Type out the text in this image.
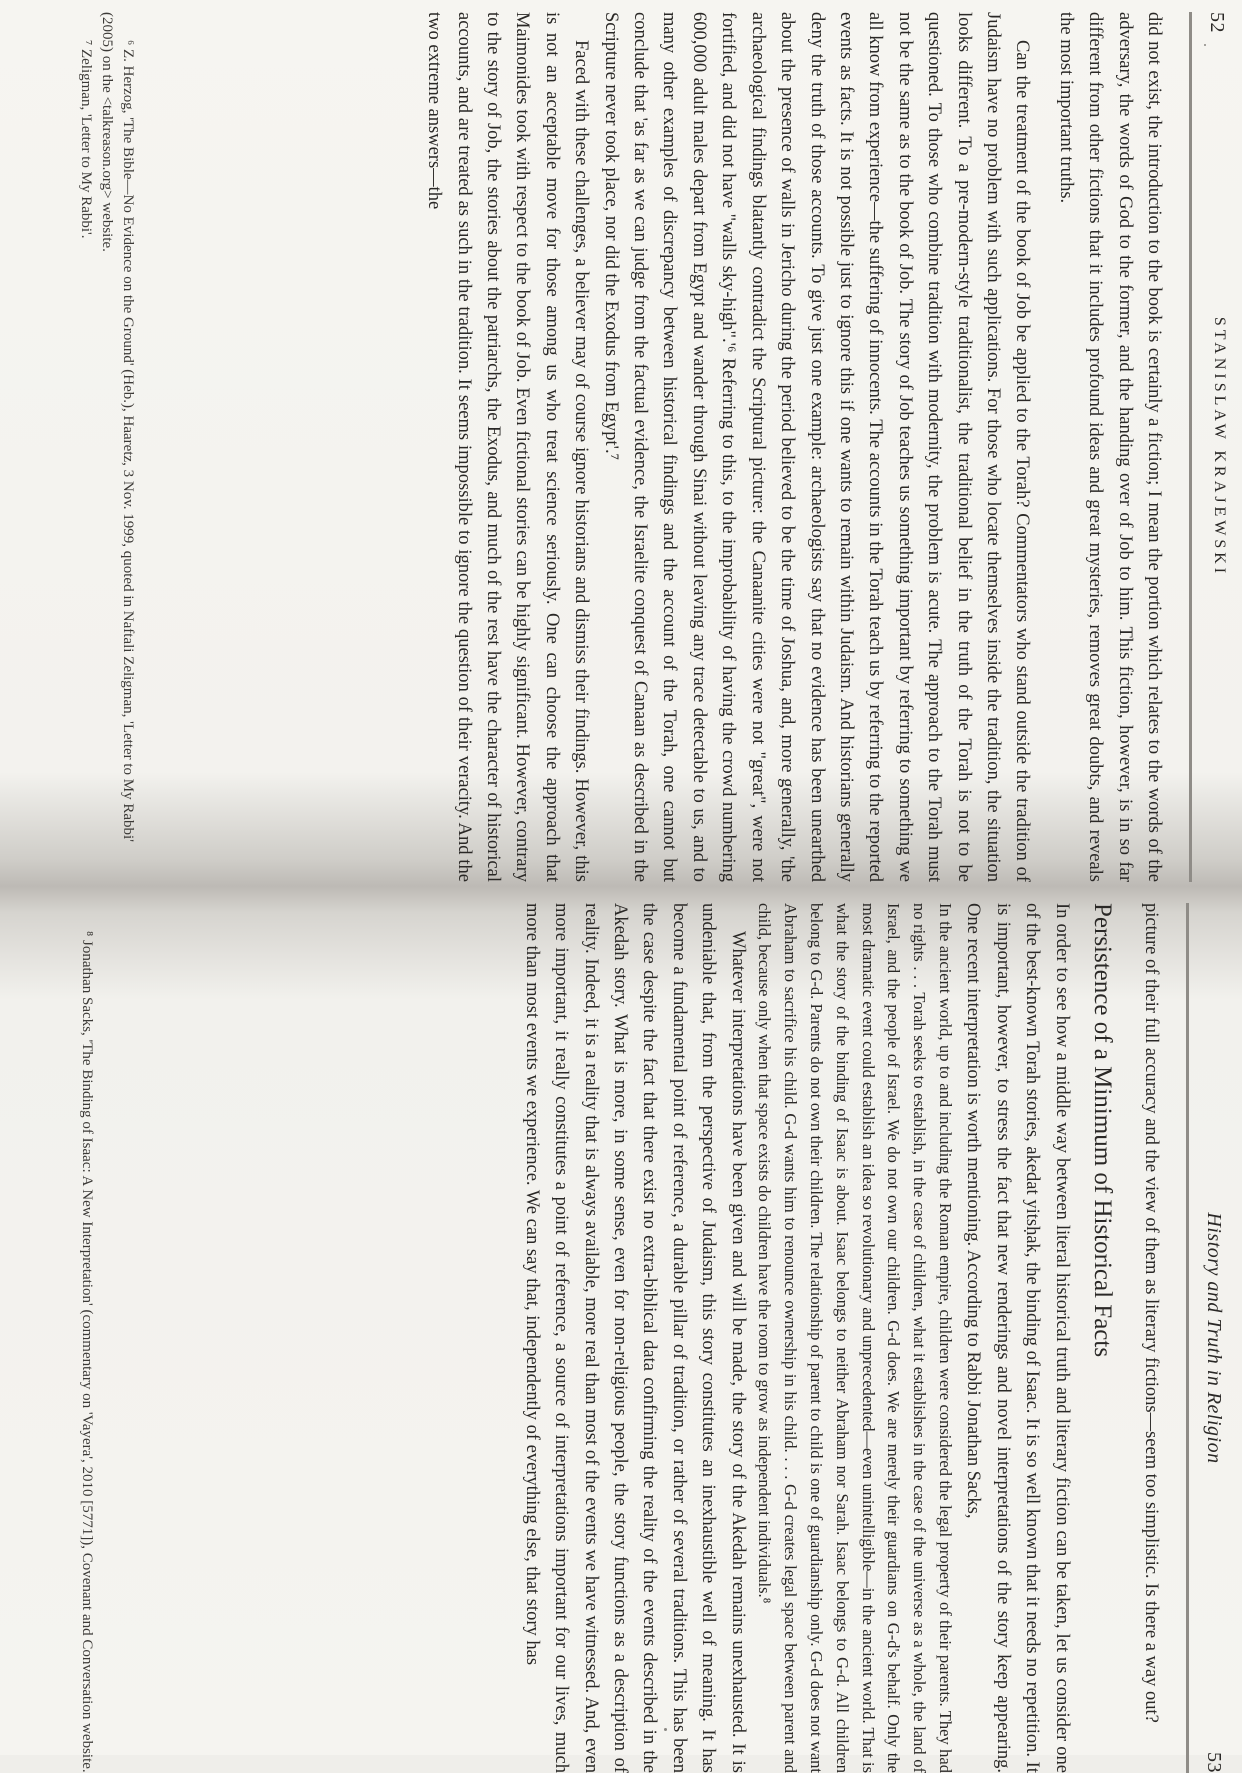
52
STANISLAW KRAJEWSKI

did not exist, the introduction to the book is certainly a fiction; I mean the portion which relates to the words of the adversary, the words of God to the former, and the handing over of Job to him. This fiction, however, is in so far different from other fictions that it includes profound ideas and great mysteries, removes great doubts, and reveals the most important truths.

Can the treatment of the book of Job be applied to the Torah? Commentators who stand outside the tradition of Judaism have no problem with such applications. For those who locate themselves inside the tradition, the situation looks different. To a pre-modern-style traditionalist, the traditional belief in the truth of the Torah is not to be questioned. To those who combine tradition with modernity, the problem is acute. The approach to the Torah must not be the same as to the book of Job. The story of Job teaches us something important by referring to something we all know from experience—the suffering of innocents. The accounts in the Torah teach us by referring to the reported events as facts. It is not possible just to ignore this if one wants to remain within Judaism. And historians generally deny the truth of those accounts. To give just one example: archaeologists say that no evidence has been unearthed about the presence of walls in Jericho during the period believed to be the time of Joshua, and, more generally, 'the archaeological findings blatantly contradict the Scriptural picture: the Canaanite cities were not "great", were not fortified, and did not have "walls sky-high".'⁶ Referring to this, to the improbability of having the crowd numbering 600,000 adult males depart from Egypt and wander through Sinai without leaving any trace detectable to us, and to many other examples of discrepancy between historical findings and the account of the Torah, one cannot but conclude that 'as far as we can judge from the factual evidence, the Israelite conquest of Canaan as described in the Scripture never took place, nor did the Exodus from Egypt'.⁷

Faced with these challenges, a believer may of course ignore historians and dismiss their findings. However, this is not an acceptable move for those among us who treat science seriously. One can choose the approach that Maimonides took with respect to the book of Job. Even fictional stories can be highly significant. However, contrary to the story of Job, the stories about the patriarchs, the Exodus, and much of the rest have the character of historical accounts, and are treated as such in the tradition. It seems impossible to ignore the question of their veracity. And the two extreme answers—the

⁶ Z. Herzog, 'The Bible—No Evidence on the Ground' (Heb.), Haaretz, 3 Nov. 1999, quoted in Naftali Zeligman, 'Letter to My Rabbi' (2005) on the <talkreason.org> website.

⁷ Zeligman, 'Letter to My Rabbi'.

History and Truth in Religion
53

picture of their full accuracy and the view of them as literary fictions—seem too simplistic. Is there a way out?

Persistence of a Minimum of Historical Facts

In order to see how a middle way between literal historical truth and literary fiction can be taken, let us consider one of the best-known Torah stories, akedat yitsḥak, the binding of Isaac. It is so well known that it needs no repetition. It is important, however, to stress the fact that new renderings and novel interpretations of the story keep appearing. One recent interpretation is worth mentioning. According to Rabbi Jonathan Sacks,

In the ancient world, up to and including the Roman empire, children were considered the legal property of their parents. They had no rights . . . Torah seeks to establish, in the case of children, what it establishes in the case of the universe as a whole, the land of Israel, and the people of Israel. We do not own our children. G-d does. We are merely their guardians on G-d's behalf. Only the most dramatic event could establish an idea so revolutionary and unprecedented—even unintelligible—in the ancient world. That is what the story of the binding of Isaac is about. Isaac belongs to neither Abraham nor Sarah. Isaac belongs to G-d. All children belong to G-d. Parents do not own their children. The relationship of parent to child is one of guardianship only. G-d does not want Abraham to sacrifice his child. G-d wants him to renounce ownership in his child. . . . G-d creates legal space between parent and child, because only when that space exists do children have the room to grow as independent individuals.⁸

Whatever interpretations have been given and will be made, the story of the Akedah remains unexhausted. It is undeniable that, from the perspective of Judaism, this story constitutes an inexhaustible well of meaning. It has become a fundamental point of reference, a durable pillar of tradition, or rather of several traditions. This has been the case despite the fact that there exist no extra-biblical data confirming the reality of the events described in the Akedah story. What is more, in some sense, even for non-religious people, the story functions as a description of reality. Indeed, it is a reality that is always available, more real than most of the events we have witnessed. And, even more important, it really constitutes a point of reference, a source of interpretations important for our lives, much more than most events we experience. We can say that, independently of everything else, that story has

⁸ Jonathan Sacks, 'The Binding of Isaac: A New Interpretation' (commentary on 'Vayera', 2010 [5771]), Covenant and Conversation website.
